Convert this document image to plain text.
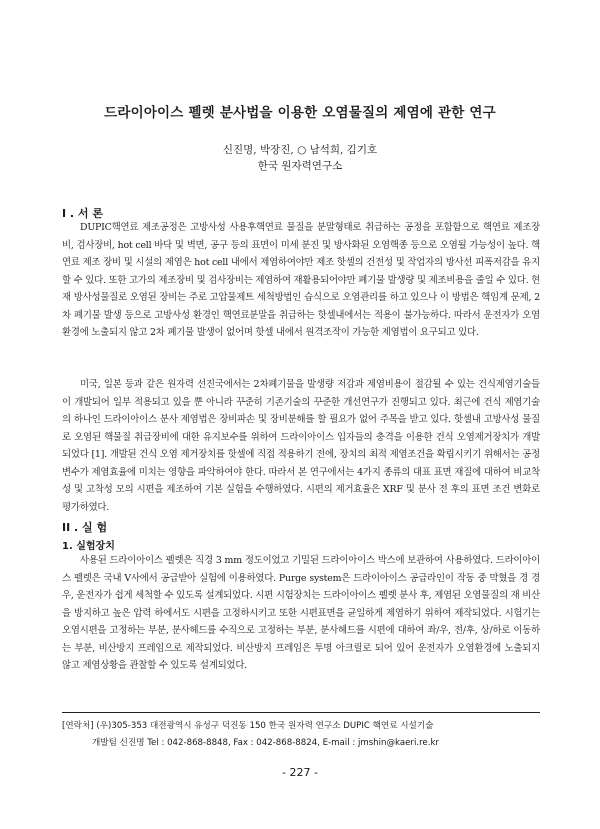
드라이아이스 펠렛 분사법을 이용한 오염물질의 제염에 관한 연구
신진명, 박장진, ○ 남석희, 김기호
한국 원자력연구소
I . 서 론

DUPIC핵연료 제조공정은 고방사성 사용후핵연료 물질을 분말형태로 취급하는 공정을 포함함으로 핵연료 제조장비, 검사장비, hot cell 바닥 및 벽면, 공구 등의 표면이 미세 분진 및 방사화된 오염핵종 등으로 오염될 가능성이 높다. 핵연료 제조 장비 및 시설의 제염은 hot cell 내에서 제염하여야만 제조 핫셀의 건전성 및 작업자의 방사선 피폭저감을 유지할 수 있다. 또한 고가의 제조장비 및 검사장비는 제염하여 재활용되어야만 폐기물 발생량 및 제조비용을 줄일 수 있다. 현재 방사성물질로 오염된 장비는 주로 고압물제트 세척방법인 습식으로 오염관리를 하고 있으나 이 방법은 핵임계 문제, 2차 폐기물 발생 등으로 고방사성 환경인 핵연료분말을 취급하는 핫셀내에서는 적용이 불가능하다. 따라서 운전자가 오염환경에 노출되지 않고 2차 폐기물 발생이 없어며 핫셀 내에서 원격조작이 가능한 제염법이 요구되고 있다.

미국, 일본 등과 같은 원자력 선진국에서는 2차폐기물을 발생량 저감과 제염비용이 절감될 수 있는 건식제염기술들이 개발되어 일부 적용되고 있을 뿐 아니라 꾸준히 기존기술의 꾸준한 개선연구가 진행되고 있다. 최근에 건식 제염기술의 하나인 드라이아이스 분사 제염법은 장비파손 및 장비분해를 할 필요가 없어 주목을 받고 있다. 핫셀내 고방사성 물질로 오염된 핵물질 취급장비에 대한 유지보수를 위하여 드라이아이스 입자들의 충격을 이용한 건식 오염제거장치가 개발되었다 [1]. 개발된 건식 오염 제거장치를 핫셀에 직접 적용하기 전에, 장치의 최적 제염조건을 확립시키기 위해서는 공정변수가 제염효율에 미치는 영향을 파악하여야 한다. 따라서 본 연구에서는 4가지 종류의 대표 표면 재질에 대하여 비교착성 및 고착성 모의 시편을 제조하여 기본 실험을 수행하였다. 시편의 제거효율은 XRF 및 분사 전 후의 표면 조건 변화로 평가하였다.

II . 실 험
1. 실험장치

사용된 드라이아이스 펠렛은 직경 3 mm 정도이었고 기밀된 드라이아이스 박스에 보관하여 사용하였다. 드라이아이스 펠렛은 국내 V사에서 공급받아 실험에 이용하였다. Purge system은 드라이아이스 공급라인이 작동 중 막혔을 경 경우, 운전자가 쉽게 세척할 수 있도록 설계되었다. 시편 시험장치는 드라이아이스 펠렛 분사 후, 제염된 오염물질의 재 비산을 방지하고 높은 압력 하에서도 시편을 고정하시키고 또한 시편표면을 균일하게 제염하기 위하여 제작되었다. 시험기는 오염시편을 고정하는 부분, 분사헤드를 수직으로 고정하는 부분, 분사헤드를 시편에 대하여 좌/우, 전/후, 상/하로 이동하는 부분, 비산방지 프레임으로 제작되었다. 비산방지 프레임은 투명 아크릴로 되어 있어 운전자가 오염환경에 노출되지 않고 제염상황을 관찰할 수 있도록 설계되었다.

[연락처] (우)305-353 대전광역시 유성구 덕진동 150 한국 원자력 연구소 DUPIC 핵연료 시설기술
개발팀 신진명 Tel : 042-868-8848, Fax : 042-868-8824, E-mail : jmshin@kaeri.re.kr
- 227 -
